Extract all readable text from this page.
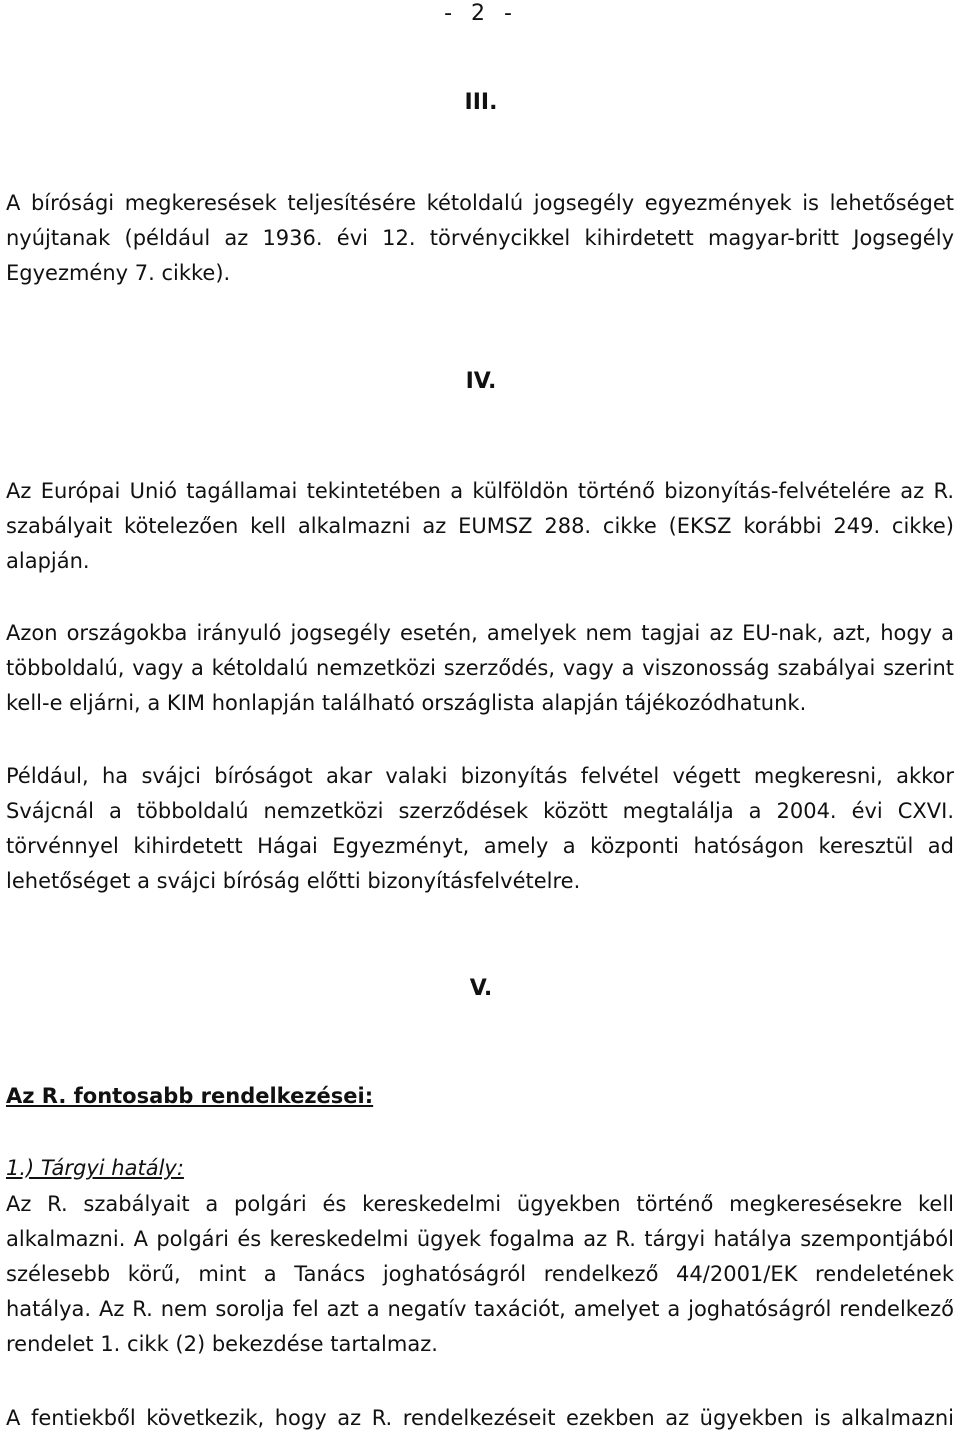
- 2 -
III.

A bírósági megkeresések teljesítésére kétoldalú jogsegély egyezmények is lehetőséget nyújtanak (például az 1936. évi 12. törvénycikkel kihirdetett magyar-britt Jogsegély Egyezmény 7. cikke).

IV.

Az Európai Unió tagállamai tekintetében a külföldön történő bizonyítás-felvételére az R. szabályait kötelezően kell alkalmazni az EUMSZ 288. cikke (EKSZ korábbi 249. cikke) alapján.

Azon országokba irányuló jogsegély esetén, amelyek nem tagjai az EU-nak, azt, hogy a többoldalú, vagy a kétoldalú nemzetközi szerződés, vagy a viszonosság szabályai szerint kell-e eljárni, a KIM honlapján található országlista alapján tájékozódhatunk.

Például, ha svájci bíróságot akar valaki bizonyítás felvétel végett megkeresni, akkor Svájcnál a többoldalú nemzetközi szerződések között megtalálja a 2004. évi CXVI. törvénnyel kihirdetett Hágai Egyezményt, amely a központi hatóságon keresztül ad lehetőséget a svájci bíróság előtti bizonyításfelvételre.

V.
Az R. fontosabb rendelkezései:
1.) Tárgyi hatály:

Az R. szabályait a polgári és kereskedelmi ügyekben történő megkeresésekre kell alkalmazni. A polgári és kereskedelmi ügyek fogalma az R. tárgyi hatálya szempontjából szélesebb körű, mint a Tanács joghatóságról rendelkező 44/2001/EK rendeletének hatálya. Az R. nem sorolja fel azt a negatív taxációt, amelyet a joghatóságról rendelkező rendelet 1. cikk (2) bekezdése tartalmaz.

A fentiekből következik, hogy az R. rendelkezéseit ezekben az ügyekben is alkalmazni
